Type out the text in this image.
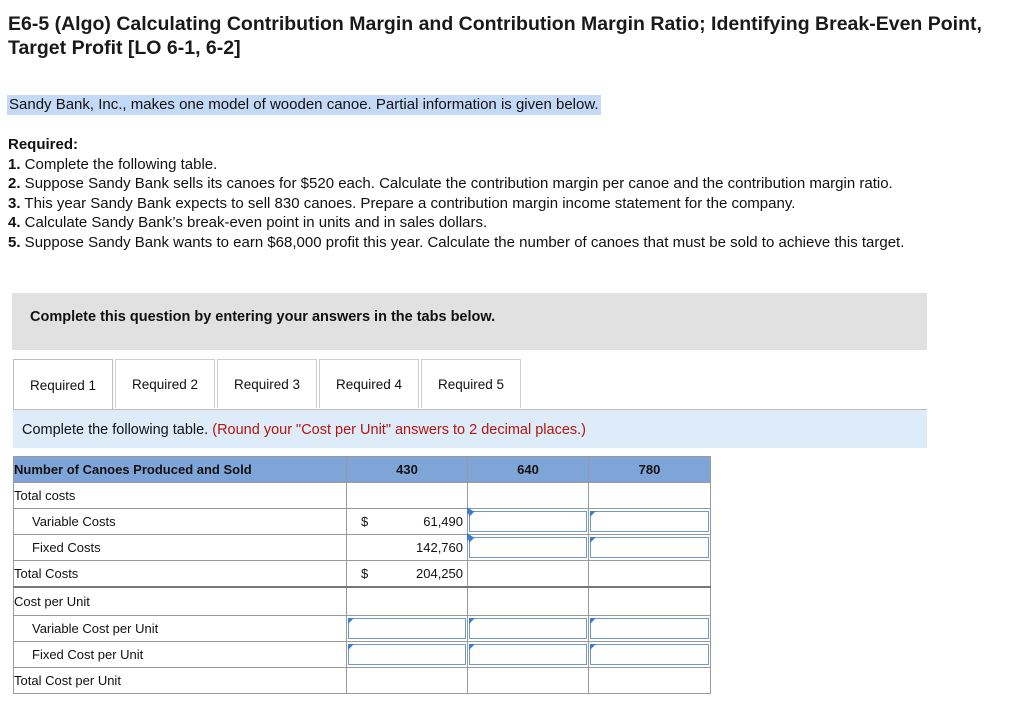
E6-5 (Algo) Calculating Contribution Margin and Contribution Margin Ratio; Identifying Break-Even Point, Target Profit [LO 6-1, 6-2]
Sandy Bank, Inc., makes one model of wooden canoe. Partial information is given below.
Required:
1. Complete the following table.
2. Suppose Sandy Bank sells its canoes for $520 each. Calculate the contribution margin per canoe and the contribution margin ratio.
3. This year Sandy Bank expects to sell 830 canoes. Prepare a contribution margin income statement for the company.
4. Calculate Sandy Bank’s break-even point in units and in sales dollars.
5. Suppose Sandy Bank wants to earn $68,000 profit this year. Calculate the number of canoes that must be sold to achieve this target.
Complete this question by entering your answers in the tabs below.
Required 1	Required 2	Required 3	Required 4	Required 5
Complete the following table. (Round your "Cost per Unit" answers to 2 decimal places.)
Number of Canoes Produced and Sold	430	640	780
Total costs			
Variable Costs	$ 61,490		

Fixed Costs	142,760		

Total Costs	$ 204,250		

Cost per Unit			
Variable Cost per Unit	

Fixed Cost per Unit	

Total Cost per Unit			
